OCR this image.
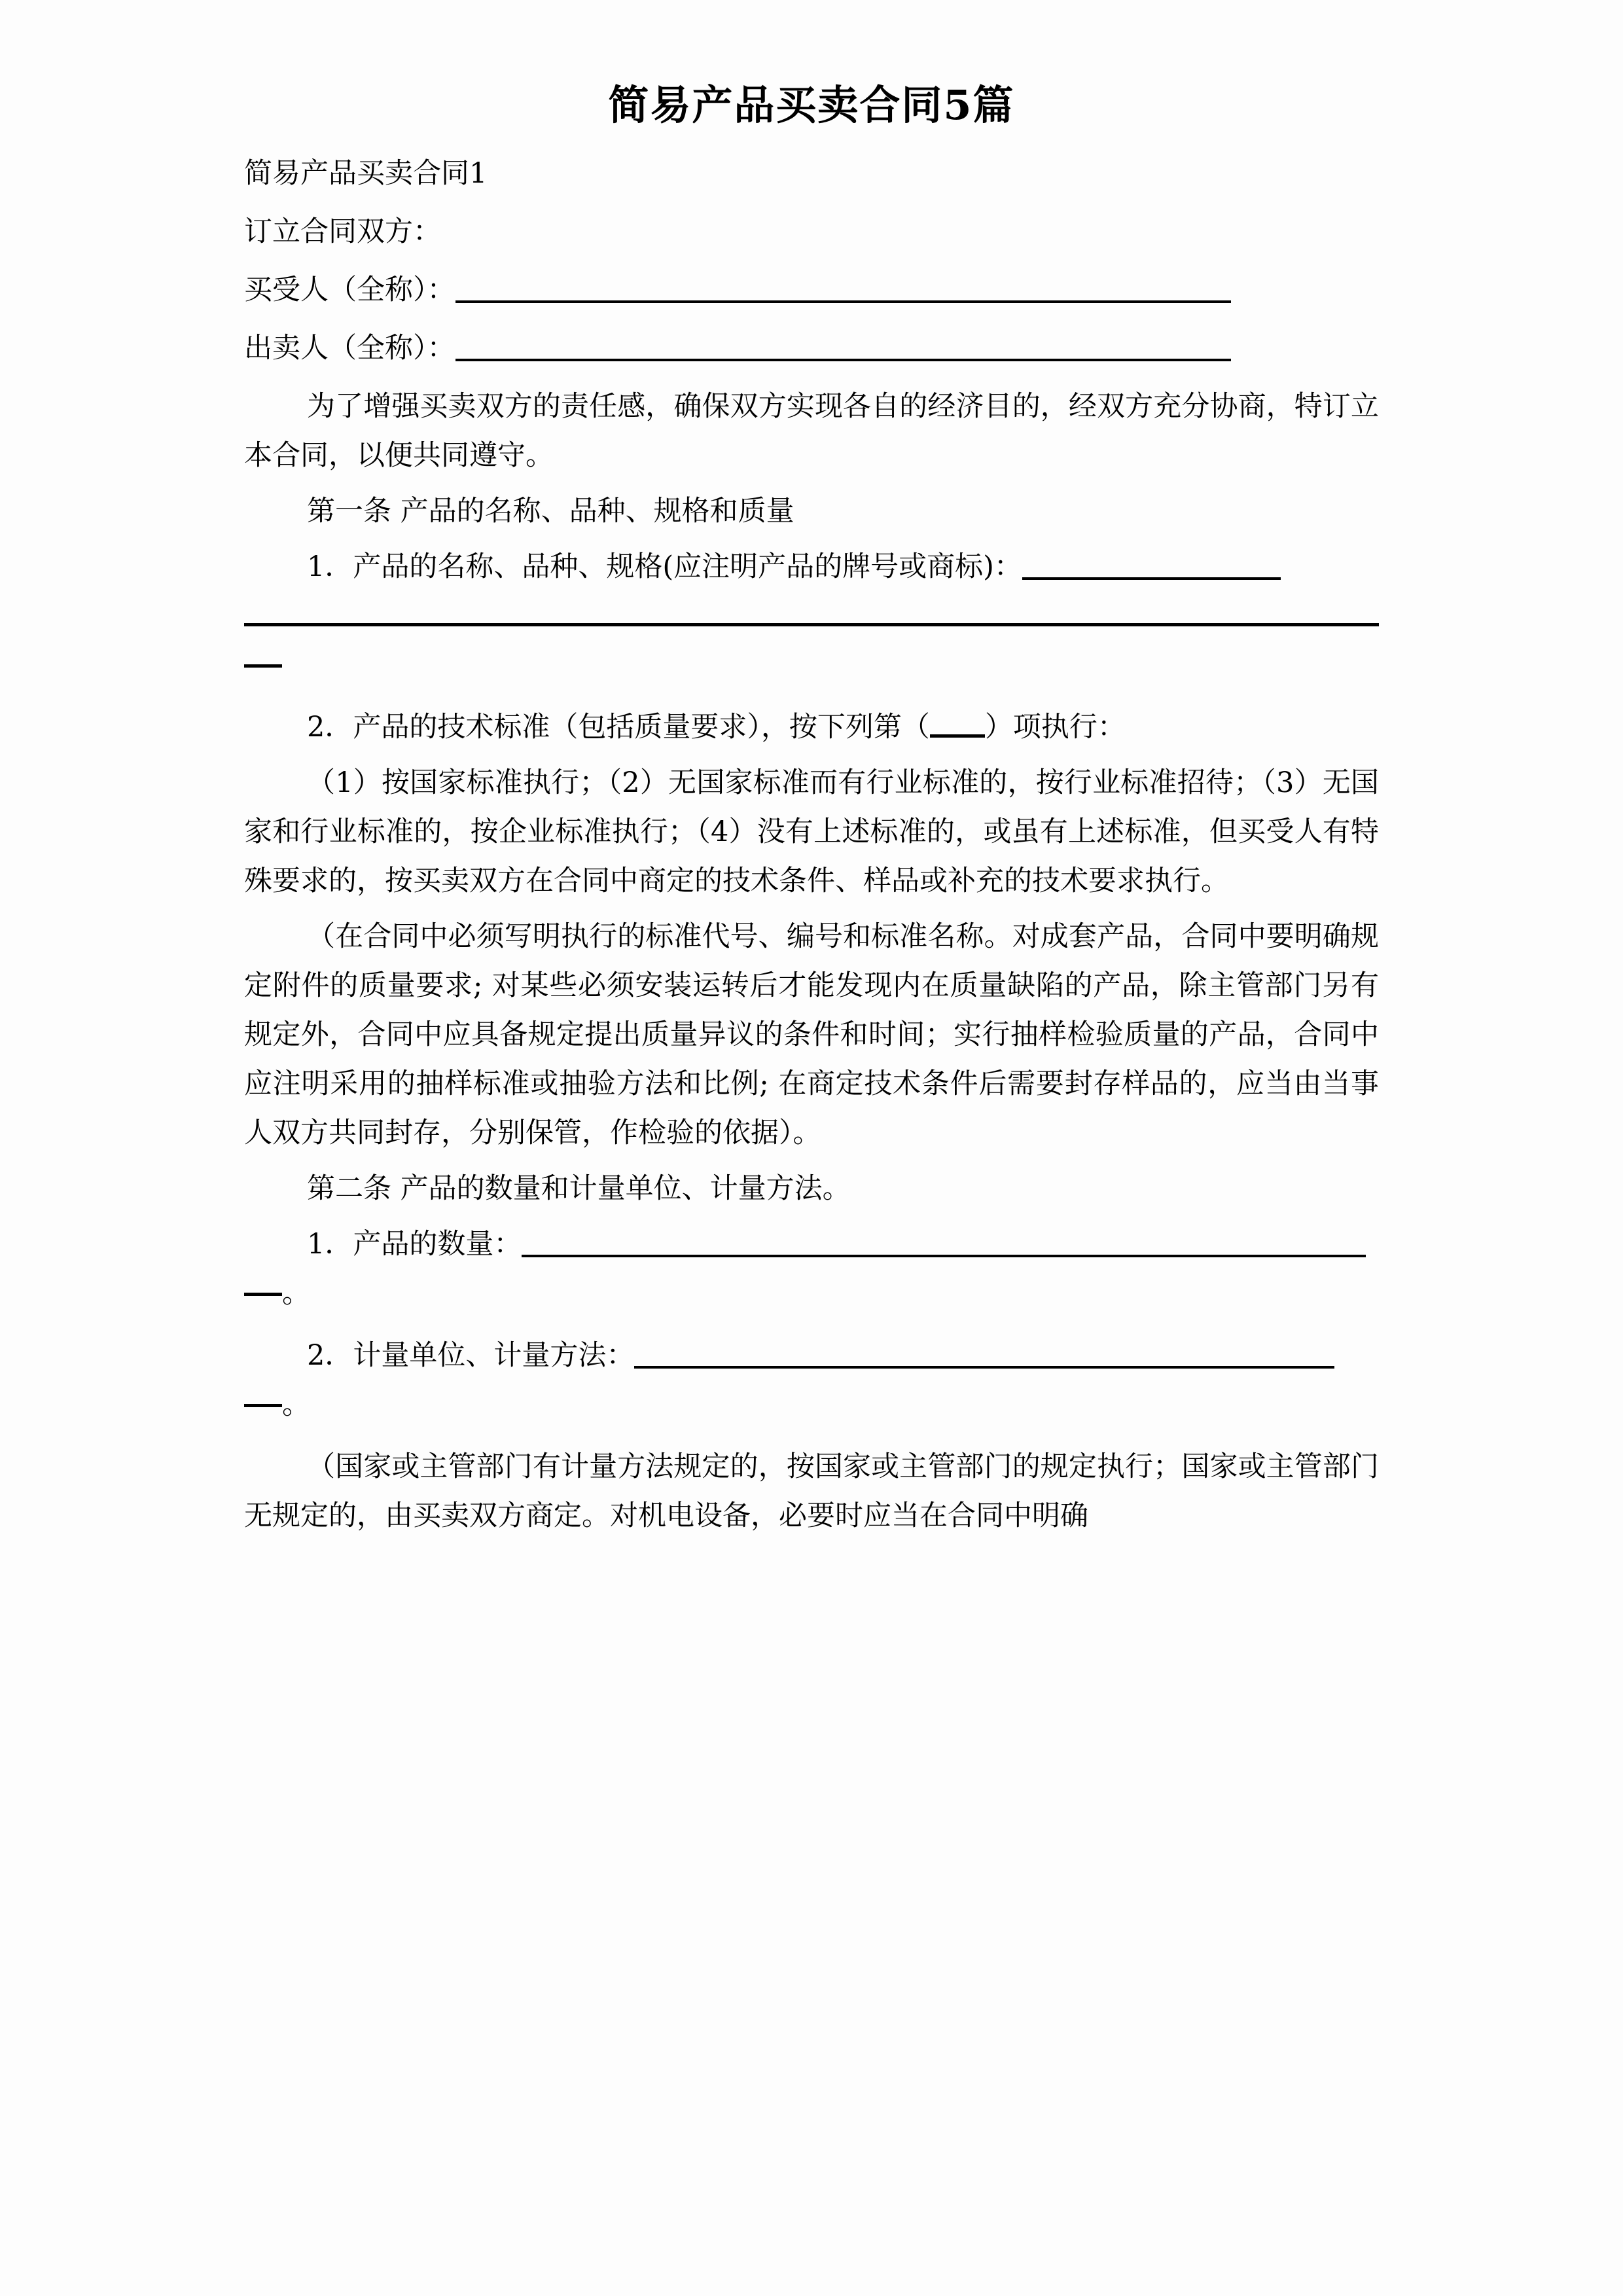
简易产品买卖合同5篇

简易产品买卖合同1

订立合同双方：

买受人（全称）：

出卖人（全称）：

为了增强买卖双方的责任感，确保双方实现各自的经济目的，经双方充分协商，特订立本合同，以便共同遵守。

第一条 产品的名称、品种、规格和质量

1．产品的名称、品种、规格(应注明产品的牌号或商标)：

2．产品的技术标准（包括质量要求），按下列第（ ）项执行：

（1）按国家标准执行；（2）无国家标准而有行业标准的，按行业标准招待；（3）无国家和行业标准的，按企业标准执行；（4）没有上述标准的，或虽有上述标准，但买受人有特殊要求的，按买卖双方在合同中商定的技术条件、样品或补充的技术要求执行。

（在合同中必须写明执行的标准代号、编号和标准名称。对成套产品，合同中要明确规定附件的质量要求; 对某些必须安装运转后才能发现内在质量缺陷的产品，除主管部门另有规定外，合同中应具备规定提出质量异议的条件和时间；实行抽样检验质量的产品，合同中应注明采用的抽样标准或抽验方法和比例; 在商定技术条件后需要封存样品的，应当由当事人双方共同封存，分别保管，作检验的依据）。

第二条 产品的数量和计量单位、计量方法。

1．产品的数量：

。

2．计量单位、计量方法：

。

（国家或主管部门有计量方法规定的，按国家或主管部门的规定执行；国家或主管部门无规定的，由买卖双方商定。对机电设备，必要时应当在合同中明确
